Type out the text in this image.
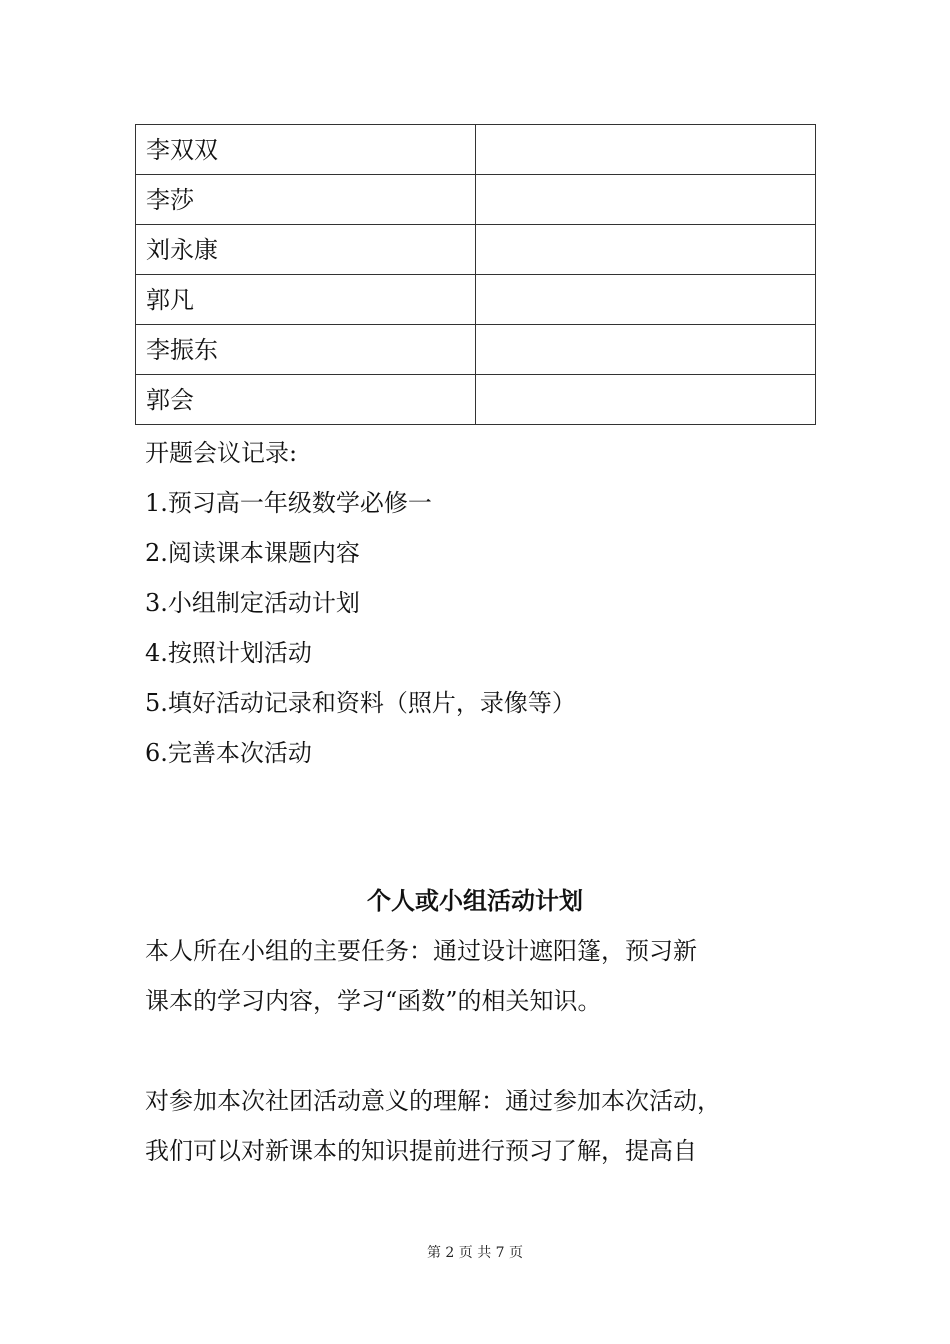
李双双	
李莎	
刘永康	
郭凡	
李振东	
郭会	
开题会议记录:
1.预习高一年级数学必修一
2.阅读课本课题内容
3.小组制定活动计划
4.按照计划活动
5.填好活动记录和资料（照片，录像等）
6.完善本次活动
个人或小组活动计划
本人所在小组的主要任务：通过设计遮阳篷，预习新
课本的学习内容，学习“函数”的相关知识。
对参加本次社团活动意义的理解：通过参加本次活动，
我们可以对新课本的知识提前进行预习了解，提高自
第 2 页 共 7 页
